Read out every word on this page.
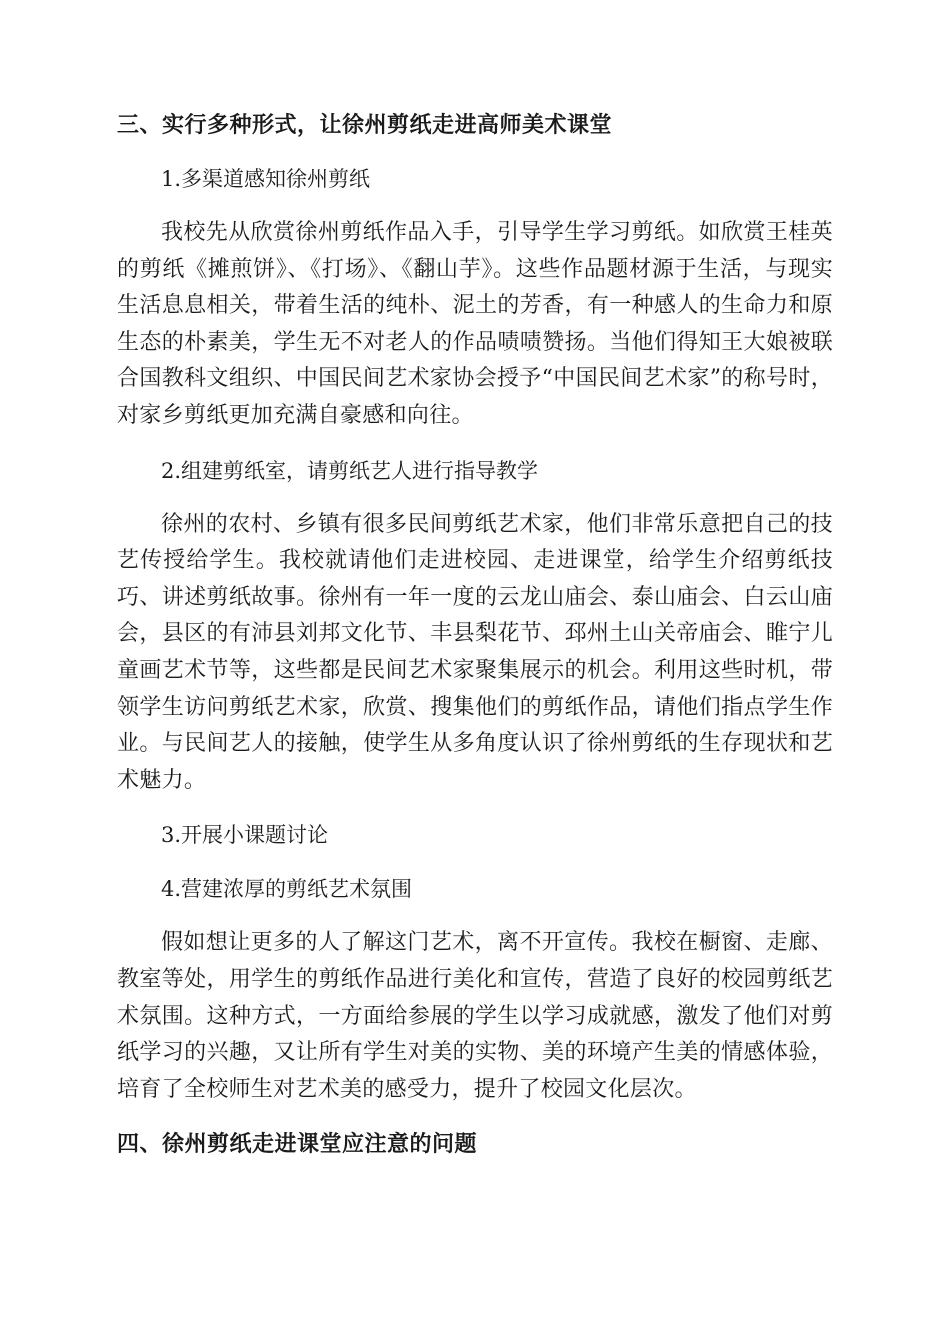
三、实行多种形式，让徐州剪纸走进高师美术课堂

1.多渠道感知徐州剪纸

我校先从欣赏徐州剪纸作品入手，引导学生学习剪纸。如欣赏王桂英的剪纸《摊煎饼》、《打场》、《翻山芋》。这些作品题材源于生活，与现实生活息息相关，带着生活的纯朴、泥土的芳香，有一种感人的生命力和原生态的朴素美，学生无不对老人的作品啧啧赞扬。当他们得知王大娘被联合国教科文组织、中国民间艺术家协会授予“中国民间艺术家”的称号时，对家乡剪纸更加充满自豪感和向往。

2.组建剪纸室，请剪纸艺人进行指导教学

徐州的农村、乡镇有很多民间剪纸艺术家，他们非常乐意把自己的技艺传授给学生。我校就请他们走进校园、走进课堂，给学生介绍剪纸技巧、讲述剪纸故事。徐州有一年一度的云龙山庙会、泰山庙会、白云山庙会，县区的有沛县刘邦文化节、丰县梨花节、邳州土山关帝庙会、睢宁儿童画艺术节等，这些都是民间艺术家聚集展示的机会。利用这些时机，带领学生访问剪纸艺术家，欣赏、搜集他们的剪纸作品，请他们指点学生作业。与民间艺人的接触，使学生从多角度认识了徐州剪纸的生存现状和艺术魅力。

3.开展小课题讨论

4.营建浓厚的剪纸艺术氛围

假如想让更多的人了解这门艺术，离不开宣传。我校在橱窗、走廊、教室等处，用学生的剪纸作品进行美化和宣传，营造了良好的校园剪纸艺术氛围。这种方式，一方面给参展的学生以学习成就感，激发了他们对剪纸学习的兴趣，又让所有学生对美的实物、美的环境产生美的情感体验，培育了全校师生对艺术美的感受力，提升了校园文化层次。

四、徐州剪纸走进课堂应注意的问题
